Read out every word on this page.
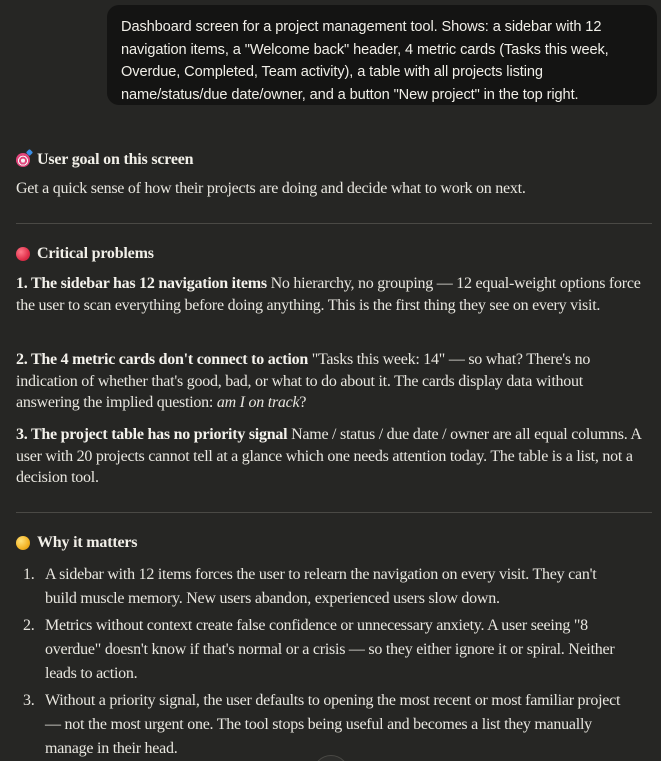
Dashboard screen for a project management tool. Shows: a sidebar with 12 navigation items, a "Welcome back" header, 4 metric cards (Tasks this week, Overdue, Completed, Team activity), a table with all projects listing name/status/due date/owner, and a button "New project" in the top right.
User goal on this screen
Get a quick sense of how their projects are doing and decide what to work on next.
Critical problems
1. The sidebar has 12 navigation items No hierarchy, no grouping — 12 equal-weight options force the user to scan everything before doing anything. This is the first thing they see on every visit.
2. The 4 metric cards don't connect to action "Tasks this week: 14" — so what? There's no indication of whether that's good, bad, or what to do about it. The cards display data without answering the implied question: am I on track?
3. The project table has no priority signal Name / status / due date / owner are all equal columns. A user with 20 projects cannot tell at a glance which one needs attention today. The table is a list, not a decision tool.
Why it matters
1. A sidebar with 12 items forces the user to relearn the navigation on every visit. They can't build muscle memory. New users abandon, experienced users slow down.
2. Metrics without context create false confidence or unnecessary anxiety. A user seeing "8 overdue" doesn't know if that's normal or a crisis — so they either ignore it or spiral. Neither leads to action.
3. Without a priority signal, the user defaults to opening the most recent or most familiar project — not the most urgent one. The tool stops being useful and becomes a list they manually manage in their head.
